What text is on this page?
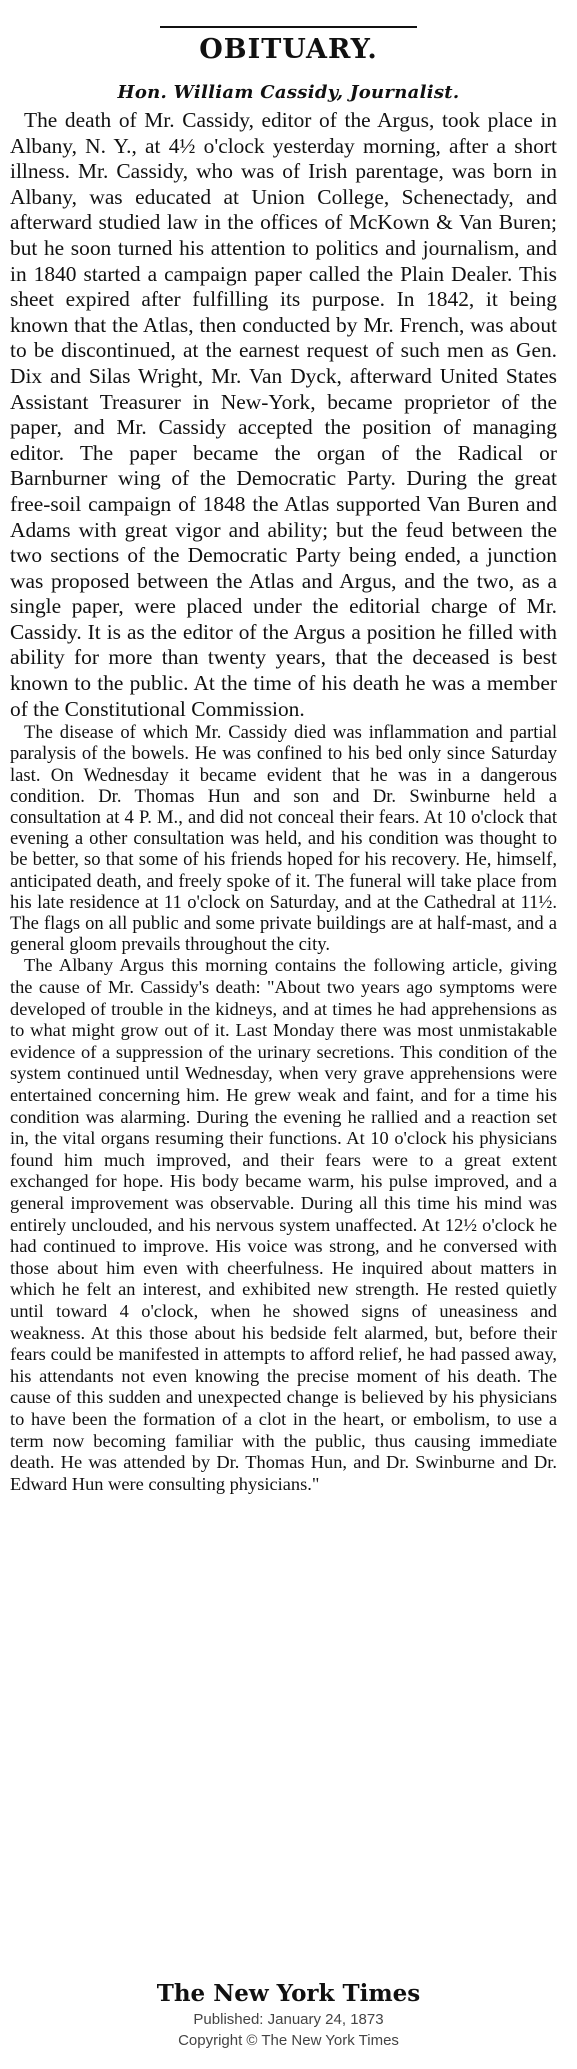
OBITUARY.
Hon. William Cassidy, Journalist.

The death of Mr. Cassidy, editor of the Argus, took place in Albany, N. Y., at 4½ o'clock yesterday morning, after a short illness. Mr. Cassidy, who was of Irish parentage, was born in Albany, was educated at Union College, Schenectady, and afterward studied law in the offices of McKown & Van Buren; but he soon turned his attention to politics and journalism, and in 1840 started a campaign paper called the Plain Dealer. This sheet expired after fulfilling its purpose. In 1842, it being known that the Atlas, then conducted by Mr. French, was about to be discontinued, at the earnest request of such men as Gen. Dix and Silas Wright, Mr. Van Dyck, afterward United States Assistant Treasurer in New-York, became proprietor of the paper, and Mr. Cassidy accepted the position of managing editor. The paper became the organ of the Radical or Barnburner wing of the Democratic Party. During the great free-soil campaign of 1848 the Atlas supported Van Buren and Adams with great vigor and ability; but the feud between the two sections of the Democratic Party being ended, a junction was proposed between the Atlas and Argus, and the two, as a single paper, were placed under the editorial charge of Mr. Cassidy. It is as the editor of the Argus a position he filled with ability for more than twenty years, that the deceased is best known to the public. At the time of his death he was a member of the Constitutional Commission.

The disease of which Mr. Cassidy died was inflammation and partial paralysis of the bowels. He was confined to his bed only since Saturday last. On Wednesday it became evident that he was in a dangerous condition. Dr. Thomas Hun and son and Dr. Swinburne held a consultation at 4 P. M., and did not conceal their fears. At 10 o'clock that evening a other consultation was held, and his condition was thought to be better, so that some of his friends hoped for his recovery. He, himself, anticipated death, and freely spoke of it. The funeral will take place from his late residence at 11 o'clock on Saturday, and at the Cathedral at 11½. The flags on all public and some private buildings are at half-mast, and a general gloom prevails throughout the city.

The Albany Argus this morning contains the following article, giving the cause of Mr. Cassidy's death: "About two years ago symptoms were developed of trouble in the kidneys, and at times he had apprehensions as to what might grow out of it. Last Monday there was most unmistakable evidence of a suppression of the urinary secretions. This condition of the system continued until Wednesday, when very grave apprehensions were entertained concerning him. He grew weak and faint, and for a time his condition was alarming. During the evening he rallied and a reaction set in, the vital organs resuming their functions. At 10 o'clock his physicians found him much improved, and their fears were to a great extent exchanged for hope. His body became warm, his pulse improved, and a general improvement was observable. During all this time his mind was entirely unclouded, and his nervous system unaffected. At 12½ o'clock he had continued to improve. His voice was strong, and he conversed with those about him even with cheerfulness. He inquired about matters in which he felt an interest, and exhibited new strength. He rested quietly until toward 4 o'clock, when he showed signs of uneasiness and weakness. At this those about his bedside felt alarmed, but, before their fears could be manifested in attempts to afford relief, he had passed away, his attendants not even knowing the precise moment of his death. The cause of this sudden and unexpected change is believed by his physicians to have been the formation of a clot in the heart, or embolism, to use a term now becoming familiar with the public, thus causing immediate death. He was attended by Dr. Thomas Hun, and Dr. Swinburne and Dr. Edward Hun were consulting physicians."

The New York Times
Published: January 24, 1873
Copyright © The New York Times
